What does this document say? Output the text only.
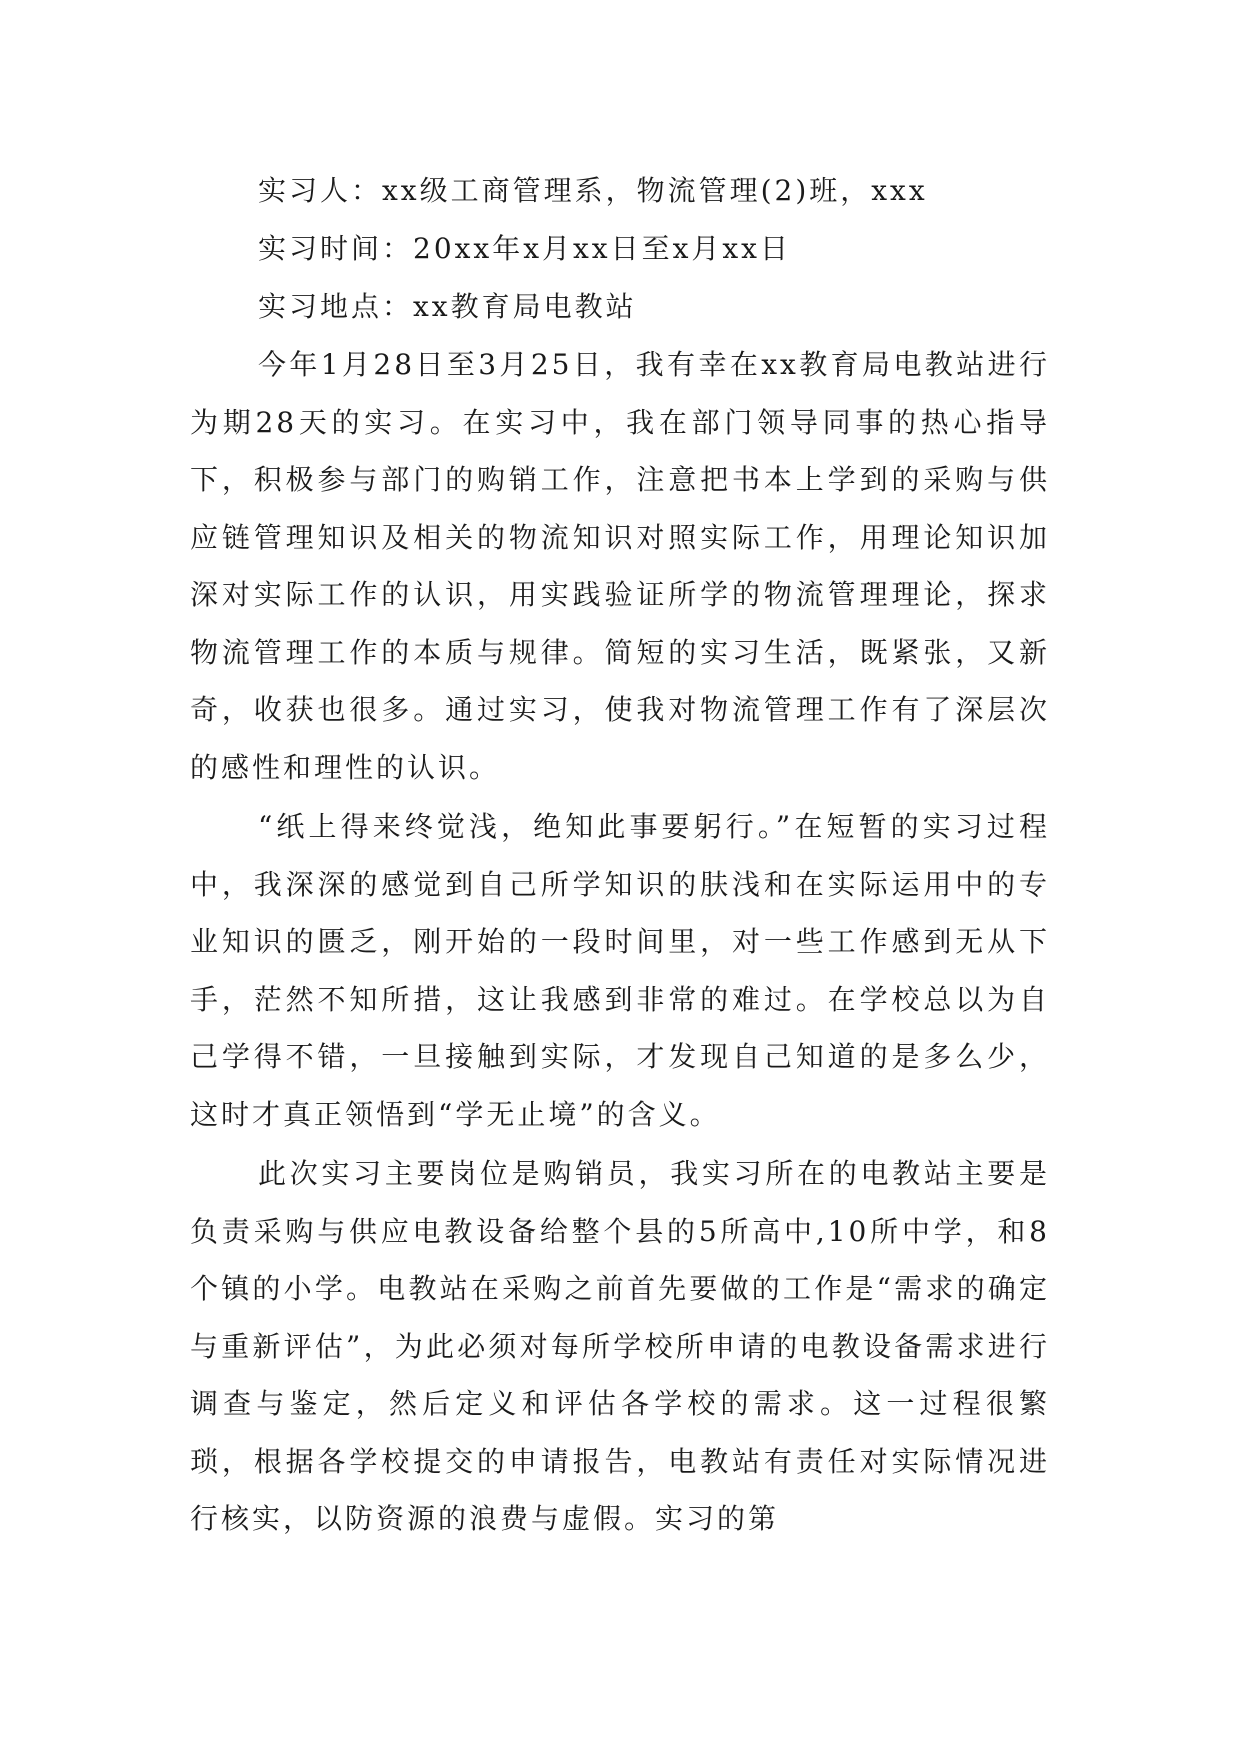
实习人：xx级工商管理系，物流管理(2)班，xxx

实习时间：20xx年x月xx日至x月xx日

实习地点：xx教育局电教站

今年1月28日至3月25日，我有幸在xx教育局电教站进行为期28天的实习。在实习中，我在部门领导同事的热心指导下，积极参与部门的购销工作，注意把书本上学到的采购与供应链管理知识及相关的物流知识对照实际工作，用理论知识加深对实际工作的认识，用实践验证所学的物流管理理论，探求物流管理工作的本质与规律。简短的实习生活，既紧张，又新奇，收获也很多。通过实习，使我对物流管理工作有了深层次的感性和理性的认识。

“纸上得来终觉浅，绝知此事要躬行。”在短暂的实习过程中，我深深的感觉到自己所学知识的肤浅和在实际运用中的专业知识的匮乏，刚开始的一段时间里，对一些工作感到无从下手，茫然不知所措，这让我感到非常的难过。在学校总以为自己学得不错，一旦接触到实际，才发现自己知道的是多么少，这时才真正领悟到“学无止境”的含义。

此次实习主要岗位是购销员，我实习所在的电教站主要是负责采购与供应电教设备给整个县的5所高中,10所中学，和8个镇的小学。电教站在采购之前首先要做的工作是“需求的确定与重新评估”，为此必须对每所学校所申请的电教设备需求进行调查与鉴定，然后定义和评估各学校的需求。这一过程很繁琐，根据各学校提交的申请报告，电教站有责任对实际情况进行核实，以防资源的浪费与虚假。实习的第
